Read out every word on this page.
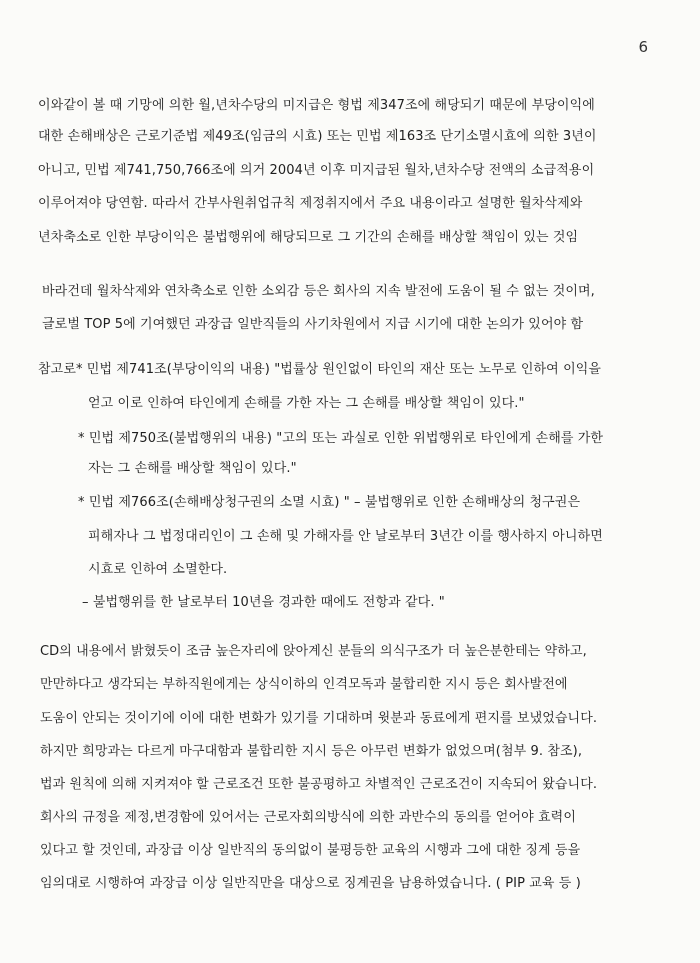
6
이와같이 볼 때 기망에 의한 월,년차수당의 미지급은 형법 제347조에 해당되기 때문에 부당이익에
대한 손해배상은 근로기준법 제49조(임금의 시효) 또는 민법 제163조 단기소멸시효에 의한 3년이
아니고, 민법 제741,750,766조에 의거 2004년 이후 미지급된 월차,년차수당 전액의 소급적용이
이루어져야 당연함. 따라서 간부사원취업규칙 제정취지에서 주요 내용이라고 설명한 월차삭제와
년차축소로 인한 부당이익은 불법행위에 해당되므로 그 기간의 손해를 배상할 책임이 있는 것임
바라건데 월차삭제와 연차축소로 인한 소외감 등은 회사의 지속 발전에 도움이 될 수 없는 것이며,
글로벌 TOP 5에 기여했던 과장급 일반직들의 사기차원에서 지급 시기에 대한 논의가 있어야 함
참고로* 민법 제741조(부당이익의 내용) "법률상 원인없이 타인의 재산 또는 노무로 인하여 이익을
얻고 이로 인하여 타인에게 손해를 가한 자는 그 손해를 배상할 책임이 있다."
* 민법 제750조(불법행위의 내용) "고의 또는 과실로 인한 위법행위로 타인에게 손해를 가한
자는 그 손해를 배상할 책임이 있다."
* 민법 제766조(손해배상청구권의 소멸 시효) " – 불법행위로 인한 손해배상의 청구권은
피해자나 그 법정대리인이 그 손해 및 가해자를 안 날로부터 3년간 이를 행사하지 아니하면
시효로 인하여 소멸한다.
– 불법행위를 한 날로부터 10년을 경과한 때에도 전항과 같다. "
CD의 내용에서 밝혔듯이 조금 높은자리에 앉아계신 분들의 의식구조가 더 높은분한테는 약하고,
만만하다고 생각되는 부하직원에게는 상식이하의 인격모독과 불합리한 지시 등은 회사발전에
도움이 안되는 것이기에 이에 대한 변화가 있기를 기대하며 윗분과 동료에게 편지를 보냈었습니다.
하지만 희망과는 다르게 마구대함과 불합리한 지시 등은 아무런 변화가 없었으며(첨부 9. 참조),
법과 원칙에 의해 지켜져야 할 근로조건 또한 불공평하고 차별적인 근로조건이 지속되어 왔습니다.
회사의 규정을 제정,변경함에 있어서는 근로자회의방식에 의한 과반수의 동의를 얻어야 효력이
있다고 할 것인데, 과장급 이상 일반직의 동의없이 불평등한 교육의 시행과 그에 대한 징계 등을
임의대로 시행하여 과장급 이상 일반직만을 대상으로 징계권을 남용하였습니다. ( PIP 교육 등 )
